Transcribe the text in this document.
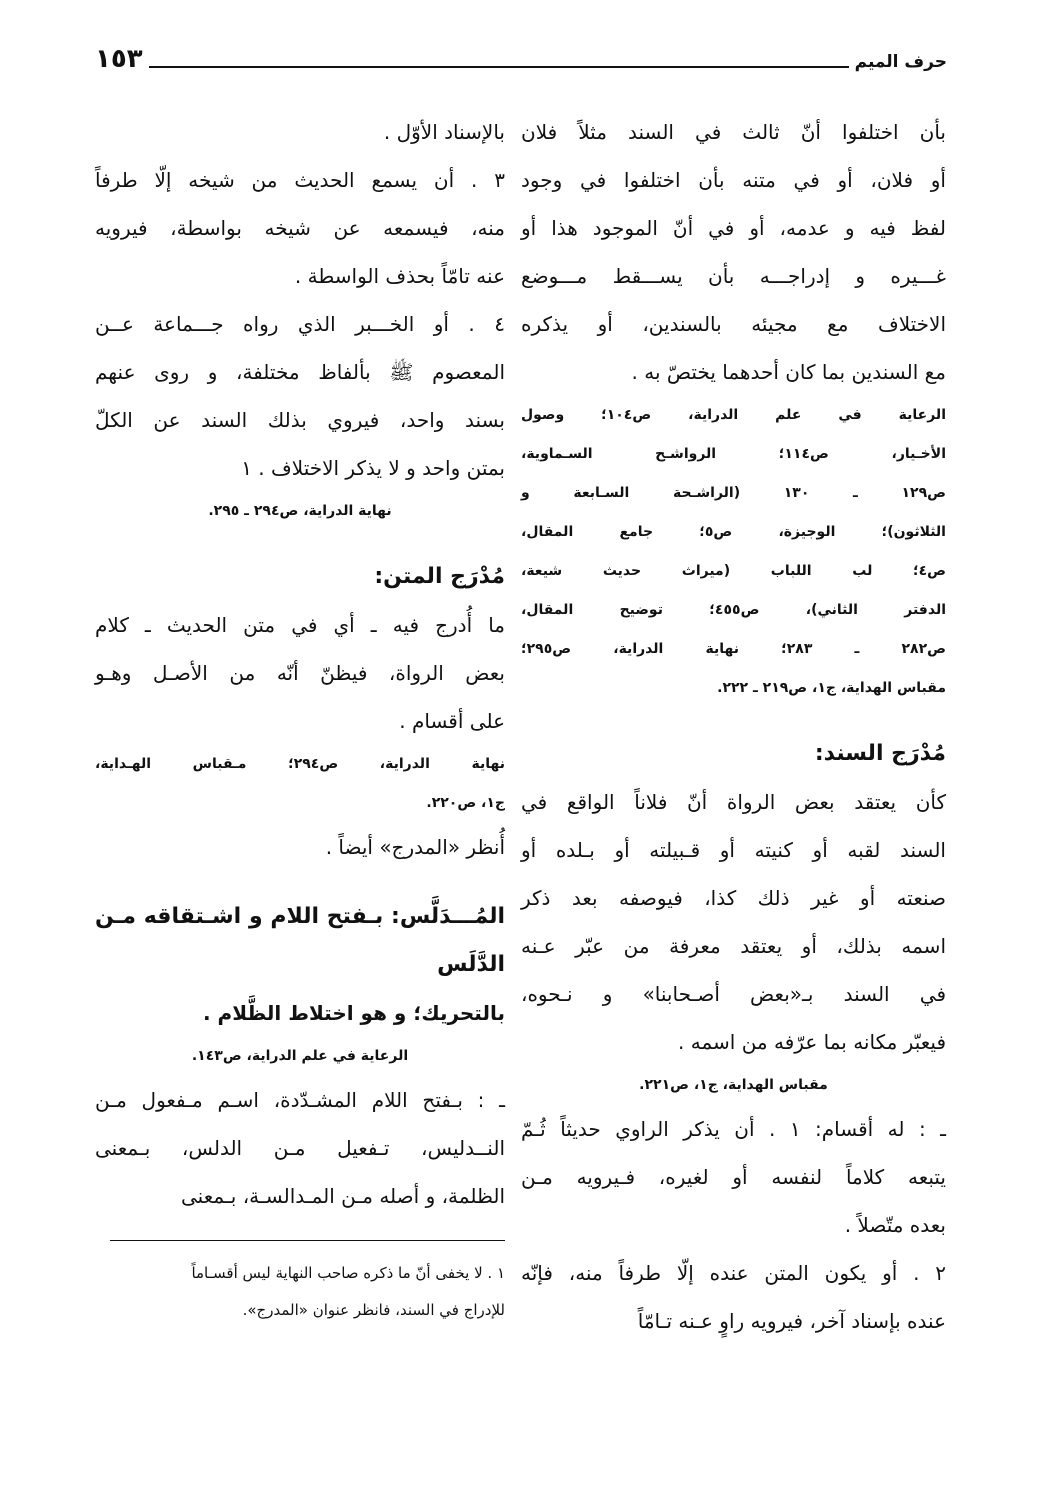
حرف الميم
١٥٣
بأن اختلفوا أنّ ثالث في السند مثلاً فلان
أو فلان، أو في متنه بأن اختلفوا في وجود
لفظ فيه و عدمه، أو في أنّ الموجود هذا أو
غـــيره و إدراجـــه بأن يســـقط مـــوضع
الاختلاف مع مجيئه بالسندين، أو يذكره
مع السندين بما كان أحدهما يختصّ به .
الرعاية في علم الدراية، ص١٠٤؛ وصول
الأخـيار، ص١١٤؛ الرواشـح السـماوية،
ص١٢٩ ـ ١٣٠ (الراشـحة السـابعة و
الثلاثون)؛ الوجيزة، ص٥؛ جامع المقال،
ص٤؛ لب اللباب (ميراث حديث شيعة،
الدفتر الثاني)، ص٤٥٥؛ توضيح المقال،
ص٢٨٢ ـ ٢٨٣؛ نهاية الدراية، ص٢٩٥؛
مقباس الهداية، ج١، ص٢١٩ ـ ٢٢٢.
مُدْرَج السند:
كأن يعتقد بعض الرواة أنّ فلاناً الواقع في
السند لقبه أو كنيته أو قـبيلته أو بـلده أو
صنعته أو غير ذلك كذا، فيوصفه بعد ذكر
اسمه بذلك، أو يعتقد معرفة من عبّر عـنه
في السند بـ«بعض أصـحابنا» و نـحوه،
فيعبّر مكانه بما عرّفه من اسمه .
مقباس الهداية، ج١، ص٢٢١.
ـ : له أقسام: ١ . أن يذكر الراوي حديثاً ثُـمّ
يتبعه كلاماً لنفسه أو لغيره، فـيرويه مـن
بعده متّصلاً .
٢ . أو يكون المتن عنده إلّا طرفاً منه، فإنّه
عنده بإسناد آخر، فيرويه راوٍ عـنه تـامّاً
بالإسناد الأوّل .
٣ . أن يسمع الحديث من شيخه إلّا طرفاً
منه، فيسمعه عن شيخه بواسطة، فيرويه
عنه تامّاً بحذف الواسطة .
٤ . أو الخـــبر الذي رواه جـــماعة عــن
المعصوم ﷺ بألفاظ مختلفة، و روى عنهم
بسند واحد، فيروي بذلك السند عن الكلّ
بمتن واحد و لا يذكر الاختلاف . ١
نهاية الدراية، ص٢٩٤ ـ ٢٩٥.
مُدْرَج المتن:
ما أُدرج فيه ـ أي في متن الحديث ـ كلام
بعض الرواة، فيظنّ أنّه من الأصـل وهـو
على أقسام .
نهاية الدراية، ص٢٩٤؛ مـقباس الهـداية،
ج١، ص٢٢٠.
أُنظر «المدرج» أيضاً .
المُـــدَلَّس: بـفتح اللام و اشـتقاقه مـن الدَّلَس
بالتحريك؛ و هو اختلاط الظَّلام .
الرعاية في علم الدراية، ص١٤٣.
ـ : بـفتح اللام المشـدّدة، اسـم مـفعول مـن
النــدليس، تـفعيل مـن الدلس، بـمعنى
الظلمة، و أصله مـن المـدالسـة، بـمعنى
١ . لا يخفى أنّ ما ذكره صاحب النهاية ليس أقسـاماً
للإدراج في السند، فانظر عنوان «المدرج».
